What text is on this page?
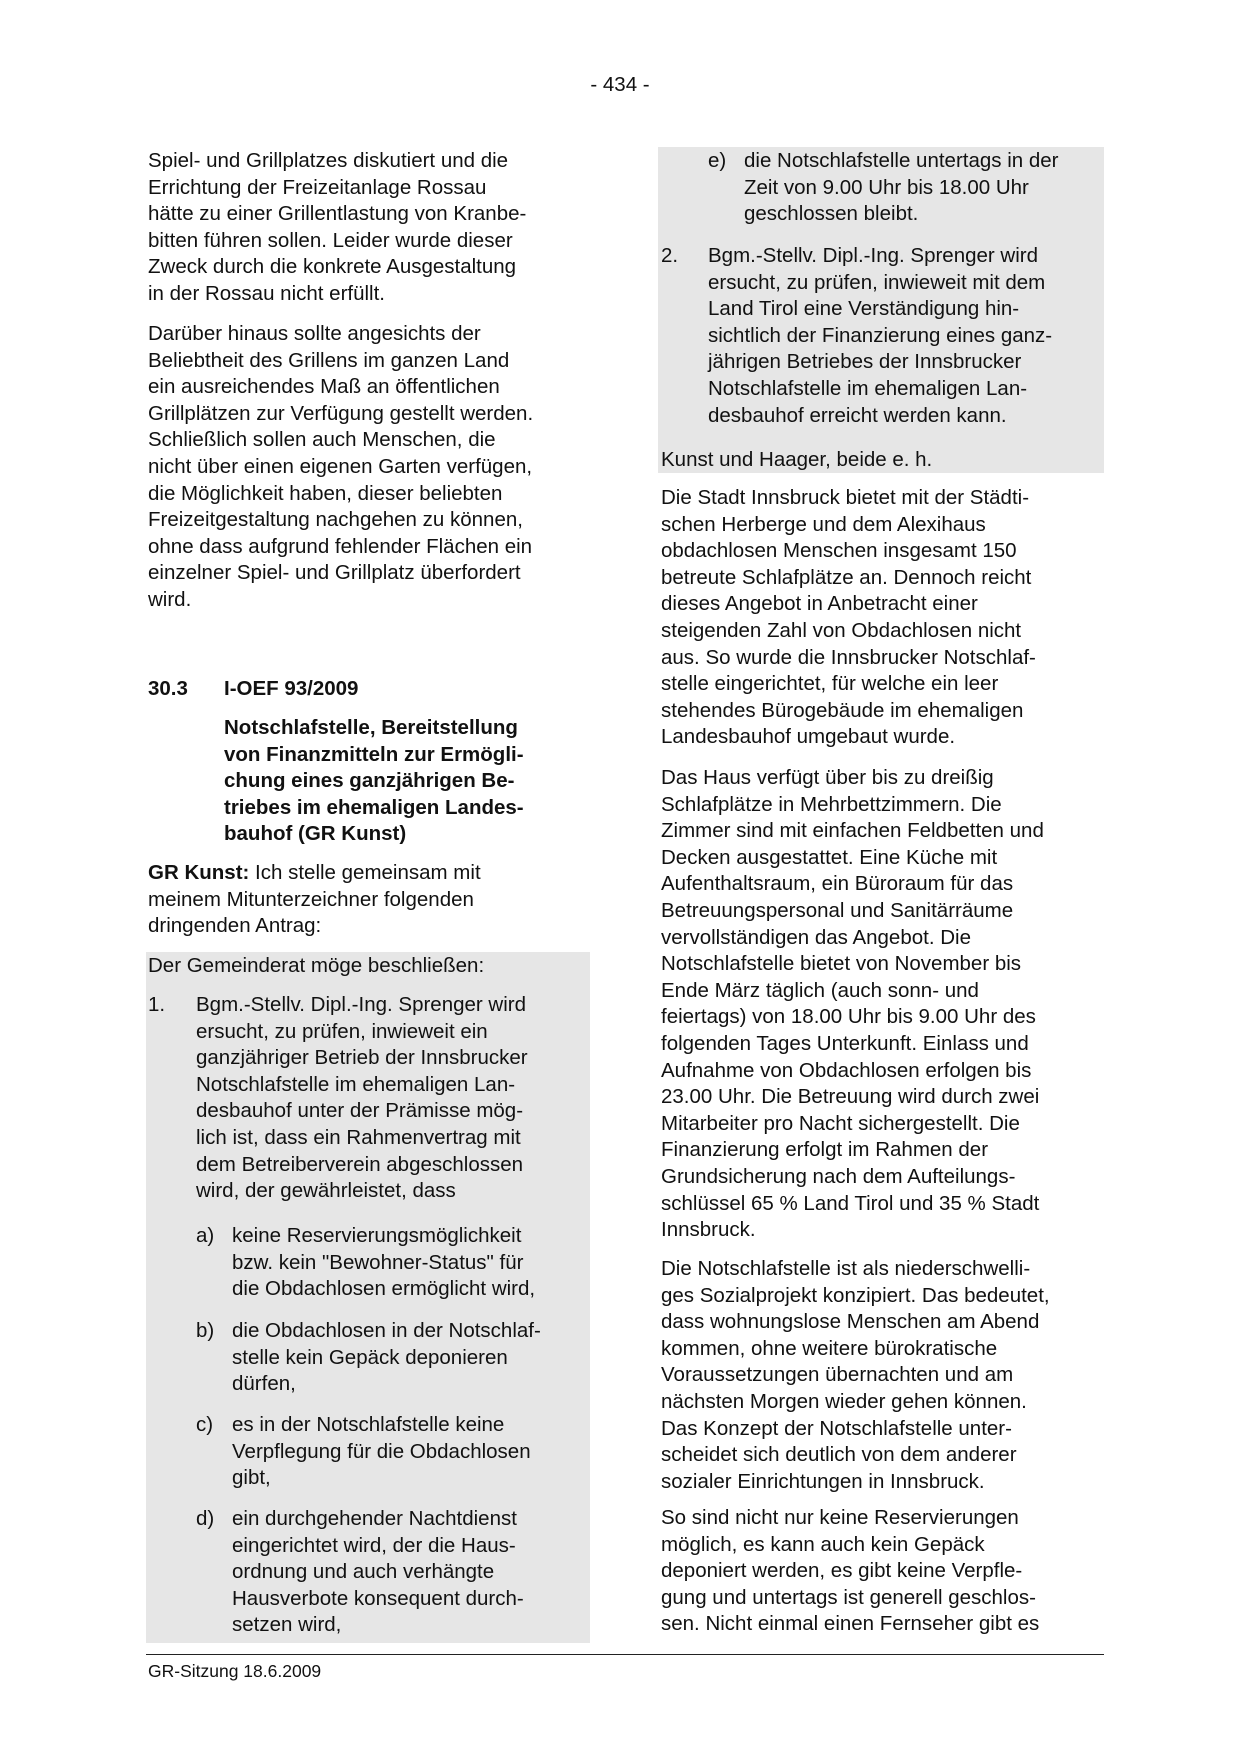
- 434 -
Spiel- und Grillplatzes diskutiert und die
Errichtung der Freizeitanlage Rossau
hätte zu einer Grillentlastung von Kranbe-
bitten führen sollen. Leider wurde dieser
Zweck durch die konkrete Ausgestaltung
in der Rossau nicht erfüllt.
Darüber hinaus sollte angesichts der
Beliebtheit des Grillens im ganzen Land
ein ausreichendes Maß an öffentlichen
Grillplätzen zur Verfügung gestellt werden.
Schließlich sollen auch Menschen, die
nicht über einen eigenen Garten verfügen,
die Möglichkeit haben, dieser beliebten
Freizeitgestaltung nachgehen zu können,
ohne dass aufgrund fehlender Flächen ein
einzelner Spiel- und Grillplatz überfordert
wird.
30.3 I-OEF 93/2009
Notschlafstelle, Bereitstellung
von Finanzmitteln zur Ermögli-
chung eines ganzjährigen Be-
triebes im ehemaligen Landes-
bauhof (GR Kunst)
GR Kunst: Ich stelle gemeinsam mit
meinem Mitunterzeichner folgenden
dringenden Antrag:
Der Gemeinderat möge beschließen:
1. Bgm.-Stellv. Dipl.-Ing. Sprenger wird
ersucht, zu prüfen, inwieweit ein
ganzjähriger Betrieb der Innsbrucker
Notschlafstelle im ehemaligen Lan-
desbauhof unter der Prämisse mög-
lich ist, dass ein Rahmenvertrag mit
dem Betreiberverein abgeschlossen
wird, der gewährleistet, dass
a) keine Reservierungsmöglichkeit
bzw. kein "Bewohner-Status" für
die Obdachlosen ermöglicht wird,
b) die Obdachlosen in der Notschlaf-
stelle kein Gepäck deponieren
dürfen,
c) es in der Notschlafstelle keine
Verpflegung für die Obdachlosen
gibt,
d) ein durchgehender Nachtdienst
eingerichtet wird, der die Haus-
ordnung und auch verhängte
Hausverbote konsequent durch-
setzen wird,
e) die Notschlafstelle untertags in der
Zeit von 9.00 Uhr bis 18.00 Uhr
geschlossen bleibt.
2. Bgm.-Stellv. Dipl.-Ing. Sprenger wird
ersucht, zu prüfen, inwieweit mit dem
Land Tirol eine Verständigung hin-
sichtlich der Finanzierung eines ganz-
jährigen Betriebes der Innsbrucker
Notschlafstelle im ehemaligen Lan-
desbauhof erreicht werden kann.
Kunst und Haager, beide e. h.
Die Stadt Innsbruck bietet mit der Städti-
schen Herberge und dem Alexihaus
obdachlosen Menschen insgesamt 150
betreute Schlafplätze an. Dennoch reicht
dieses Angebot in Anbetracht einer
steigenden Zahl von Obdachlosen nicht
aus. So wurde die Innsbrucker Notschlaf-
stelle eingerichtet, für welche ein leer
stehendes Bürogebäude im ehemaligen
Landesbauhof umgebaut wurde.
Das Haus verfügt über bis zu dreißig
Schlafplätze in Mehrbettzimmern. Die
Zimmer sind mit einfachen Feldbetten und
Decken ausgestattet. Eine Küche mit
Aufenthaltsraum, ein Büroraum für das
Betreuungspersonal und Sanitärräume
vervollständigen das Angebot. Die
Notschlafstelle bietet von November bis
Ende März täglich (auch sonn- und
feiertags) von 18.00 Uhr bis 9.00 Uhr des
folgenden Tages Unterkunft. Einlass und
Aufnahme von Obdachlosen erfolgen bis
23.00 Uhr. Die Betreuung wird durch zwei
Mitarbeiter pro Nacht sichergestellt. Die
Finanzierung erfolgt im Rahmen der
Grundsicherung nach dem Aufteilungs-
schlüssel 65 % Land Tirol und 35 % Stadt
Innsbruck.
Die Notschlafstelle ist als niederschwelli-
ges Sozialprojekt konzipiert. Das bedeutet,
dass wohnungslose Menschen am Abend
kommen, ohne weitere bürokratische
Voraussetzungen übernachten und am
nächsten Morgen wieder gehen können.
Das Konzept der Notschlafstelle unter-
scheidet sich deutlich von dem anderer
sozialer Einrichtungen in Innsbruck.
So sind nicht nur keine Reservierungen
möglich, es kann auch kein Gepäck
deponiert werden, es gibt keine Verpfle-
gung und untertags ist generell geschlos-
sen. Nicht einmal einen Fernseher gibt es
GR-Sitzung 18.6.2009
